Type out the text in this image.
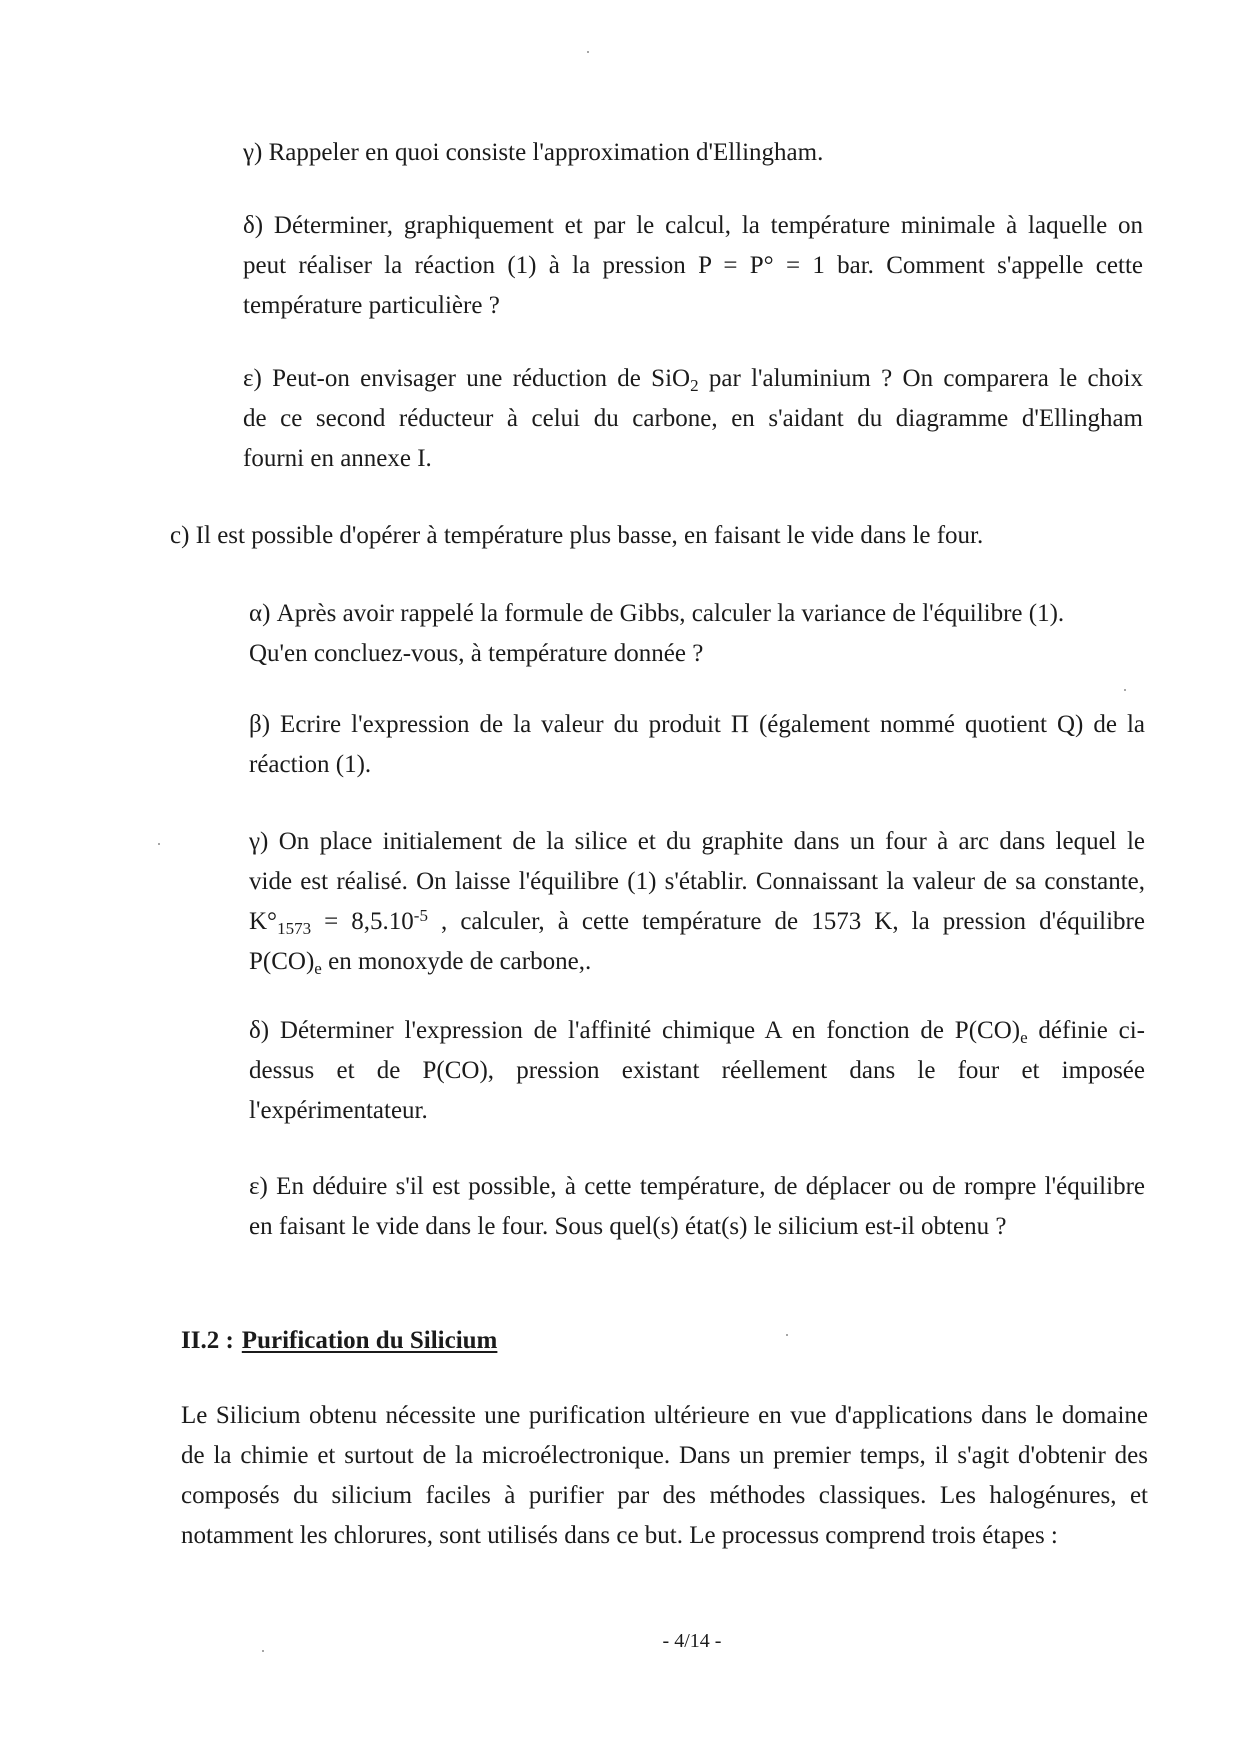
γ) Rappeler en quoi consiste l'approximation d'Ellingham.
δ) Déterminer, graphiquement et par le calcul, la température minimale à laquelle on
peut réaliser la réaction (1) à la pression P = P° = 1 bar. Comment s'appelle cette
température particulière ?
ε) Peut-on envisager une réduction de SiO$_2$ par l'aluminium ? On comparera le choix
de ce second réducteur à celui du carbone, en s'aidant du diagramme d'Ellingham
fourni en annexe I.
c) Il est possible d'opérer à température plus basse, en faisant le vide dans le four.
α) Après avoir rappelé la formule de Gibbs, calculer la variance de l'équilibre (1).
Qu'en concluez-vous, à température donnée ?
β) Ecrire l'expression de la valeur du produit Π (également nommé quotient Q) de la
réaction (1).
γ) On place initialement de la silice et du graphite dans un four à arc dans lequel le
vide est réalisé. On laisse l'équilibre (1) s'établir. Connaissant la valeur de sa constante,
$K^\circ_{1573} = 8,5.10^{-5}$ , calculer, à cette température de 1573 K, la pression d'équilibre
$P(CO)_e$ en monoxyde de carbone,.
δ) Déterminer l'expression de l'affinité chimique A en fonction de $P(CO)_e$ définie ci-
dessus et de P(CO), pression existant réellement dans le four et imposée
l'expérimentateur.
ε) En déduire s'il est possible, à cette température, de déplacer ou de rompre l'équilibre
en faisant le vide dans le four. Sous quel(s) état(s) le silicium est-il obtenu ?
II.2 : Purification du Silicium
Le Silicium obtenu nécessite une purification ultérieure en vue d'applications dans le domaine
de la chimie et surtout de la microélectronique. Dans un premier temps, il s'agit d'obtenir des
composés du silicium faciles à purifier par des méthodes classiques. Les halogénures, et
notamment les chlorures, sont utilisés dans ce but. Le processus comprend trois étapes :
- 4/14 -
